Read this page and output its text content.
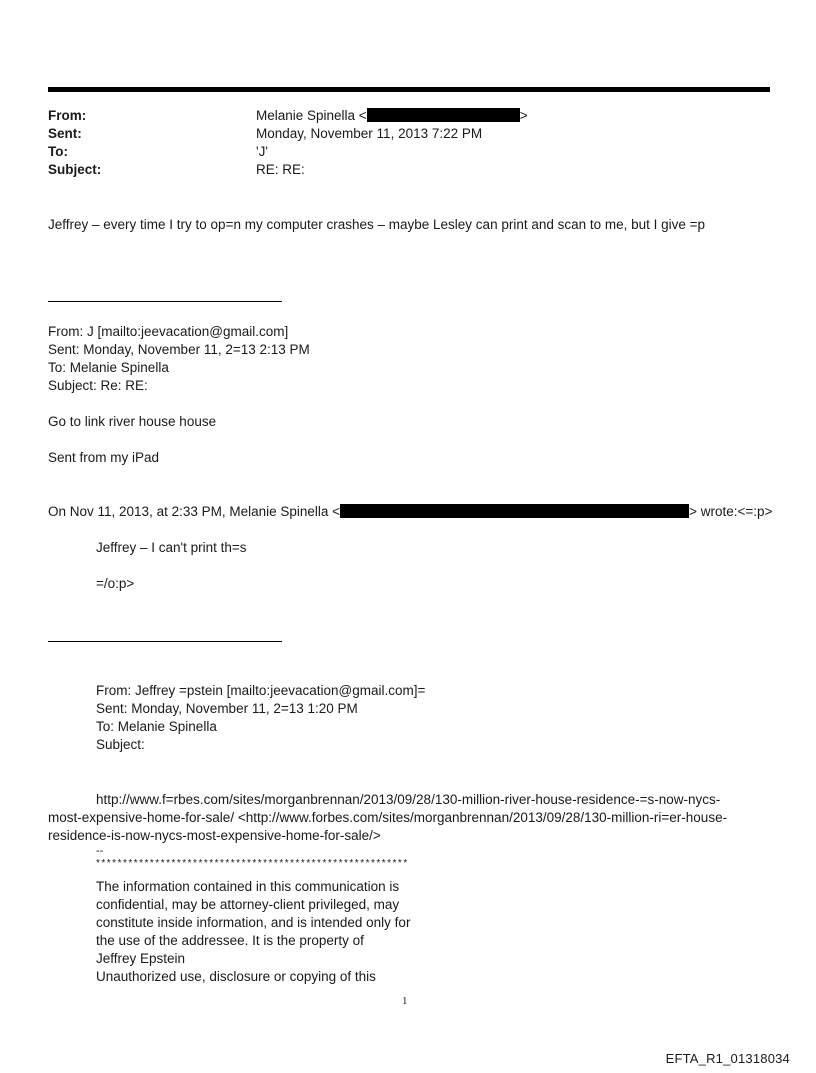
From:	Melanie Spinella <	>
Sent:	Monday, November 11, 2013 7:22 PM
To:	'J'
Subject:	RE: RE:
Jeffrey – every time I try to op=n my computer crashes – maybe Lesley can print and scan to me, but I give =p
From: J [mailto:jeevacation@gmail.com]
Sent: Monday, November 11, 2=13 2:13 PM
To: Melanie Spinella
Subject: Re: RE:
Go to link river house house
Sent from my iPad
On Nov 11, 2013, at 2:33 PM, Melanie Spinella <	> wrote:<=:p>
Jeffrey – I can't print th=s
=/o:p>
From: Jeffrey =pstein [mailto:jeevacation@gmail.com]=
Sent: Monday, November 11, 2=13 1:20 PM
To: Melanie Spinella
Subject:
http://www.f=rbes.com/sites/morganbrennan/2013/09/28/130-million-river-house-residence-=s-now-nycs-
most-expensive-home-for-sale/ <http://www.forbes.com/sites/morganbrennan/2013/09/28/130-million-ri=er-house-
residence-is-now-nycs-most-expensive-home-for-sale/>
--
**********************************************************
The information contained in this communication is
confidential, may be attorney-client privileged, may
constitute inside information, and is intended only for
the use of the addressee. It is the property of
Jeffrey Epstein
Unauthorized use, disclosure or copying of this
1
EFTA_R1_01318034
